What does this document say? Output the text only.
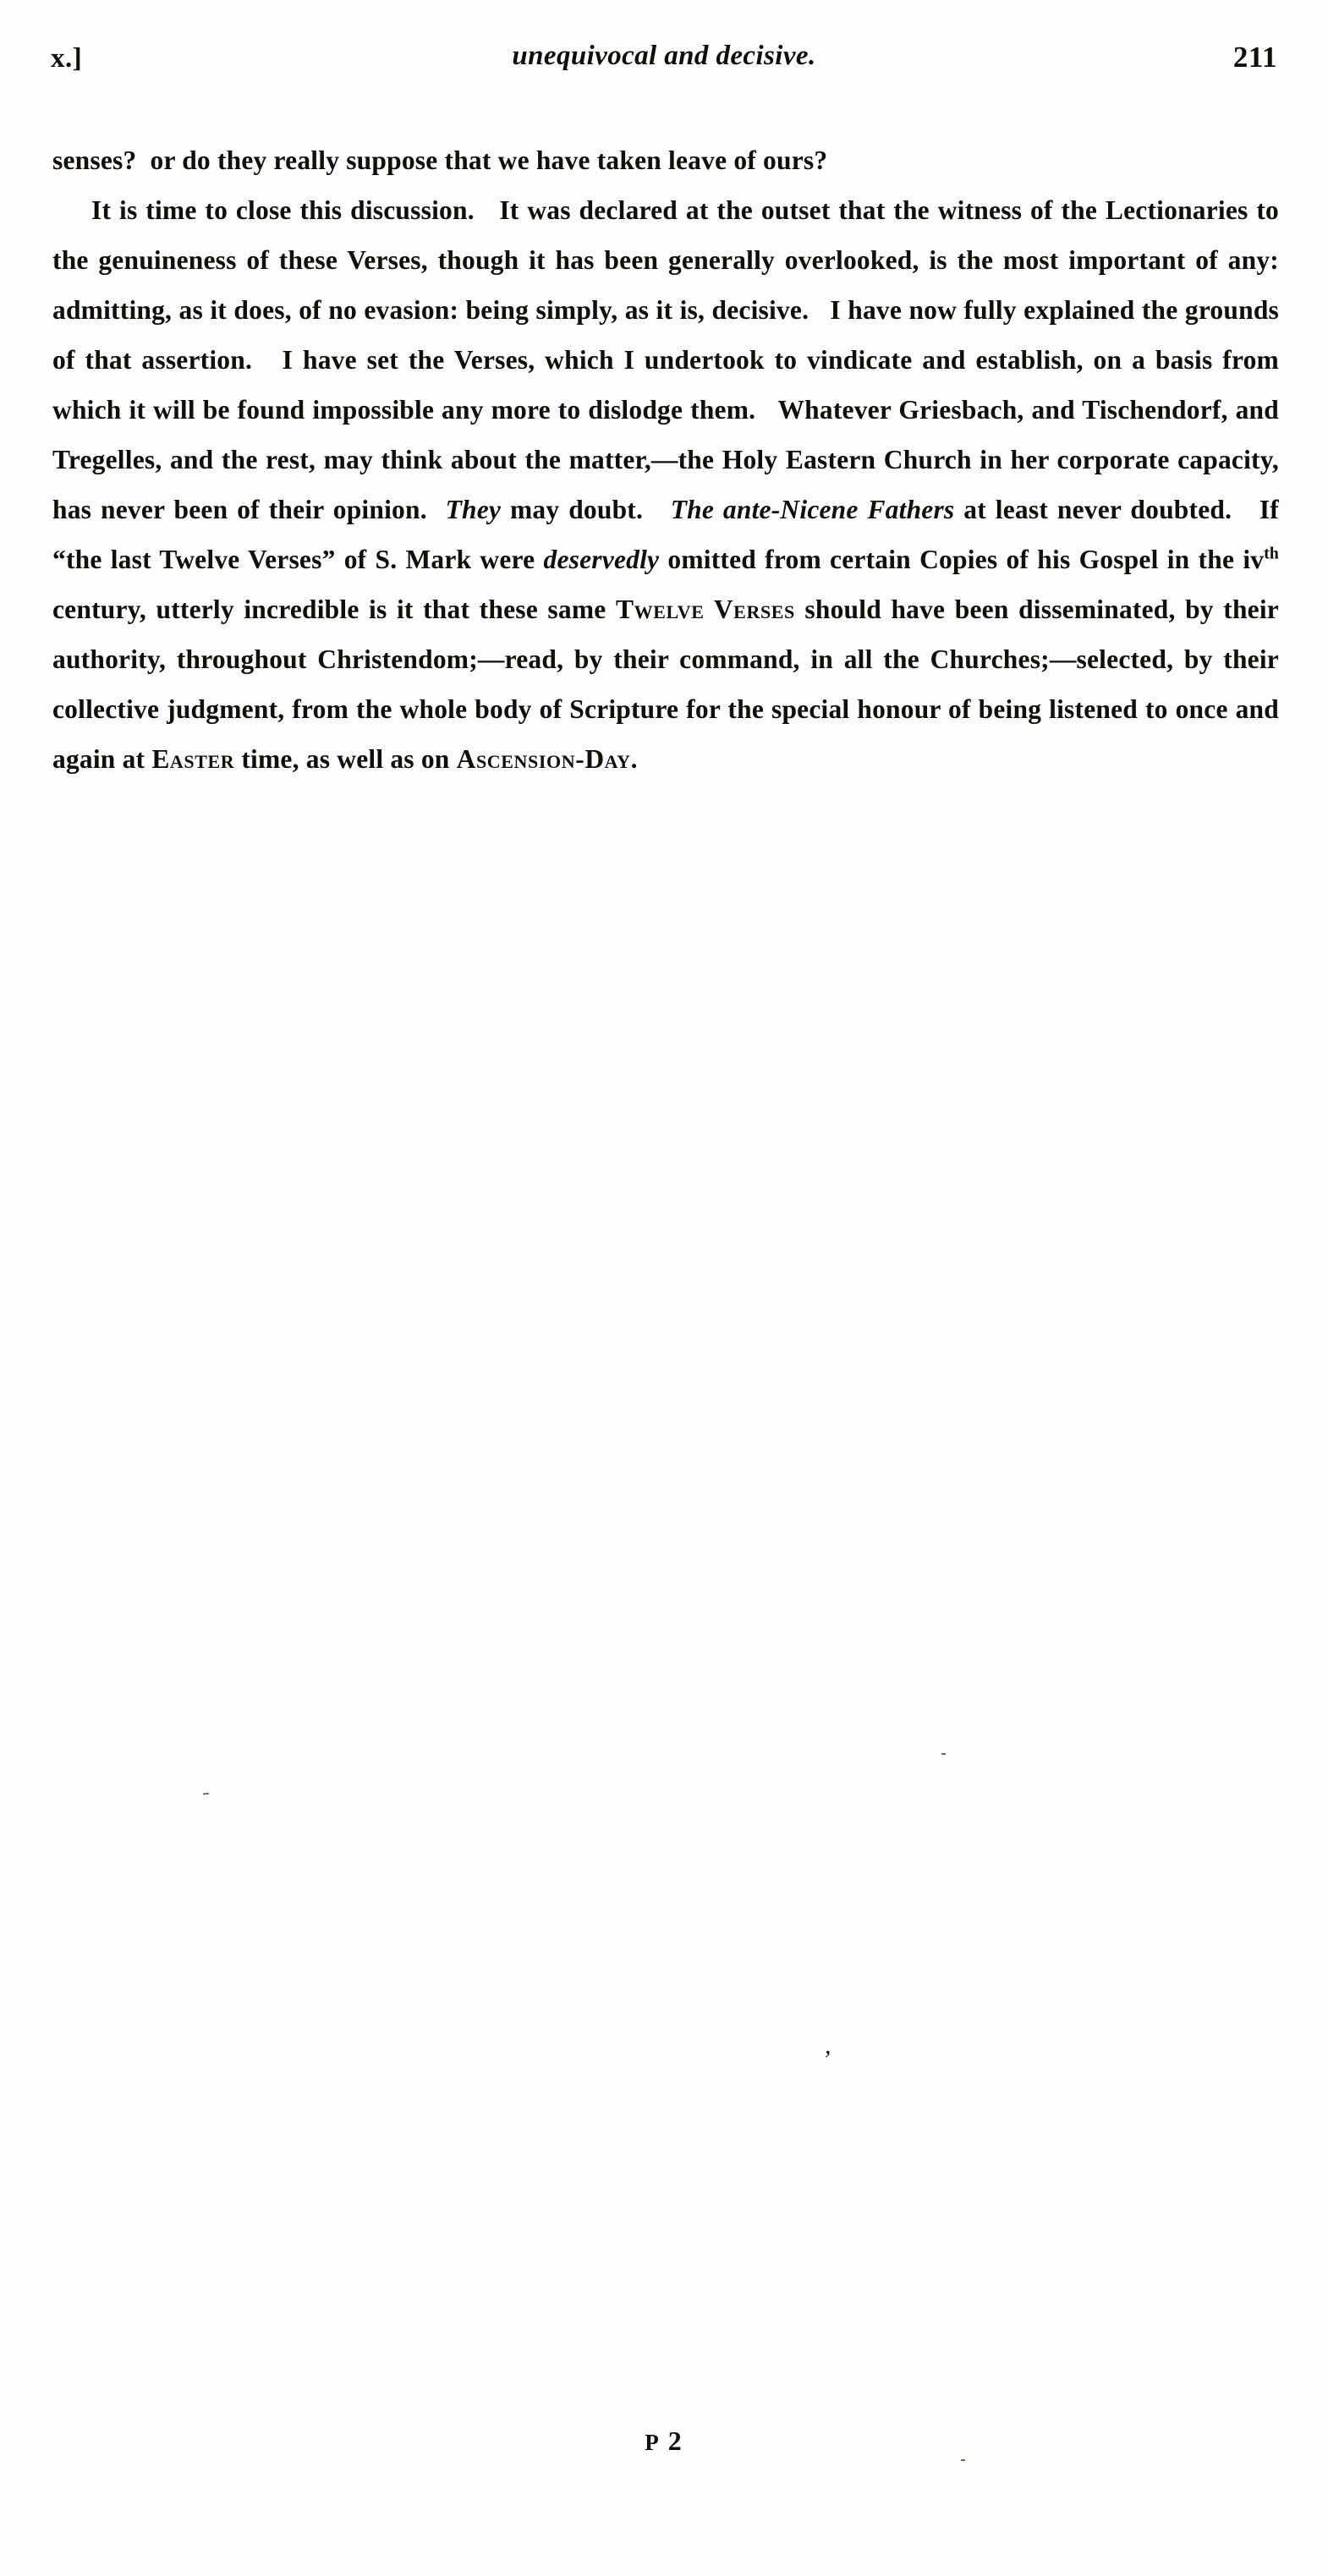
x.]	unequivocal and decisive.	211

senses?  or do they really suppose that we have taken leave of ours?

It is time to close this discussion.   It was declared at the outset that the witness of the Lectionaries to the genuineness of these Verses, though it has been generally overlooked, is the most important of any: admitting, as it does, of no evasion: being simply, as it is, decisive.   I have now fully explained the grounds of that assertion.   I have set the Verses, which I undertook to vindicate and establish, on a basis from which it will be found impossible any more to dislodge them.   Whatever Griesbach, and Tischendorf, and Tregelles, and the rest, may think about the matter,—the Holy Eastern Church in her corporate capacity, has never been of their opinion.  They may doubt.   The ante-Nicene Fathers at least never doubted.   If “the last Twelve Verses” of S. Mark were deservedly omitted from certain Copies of his Gospel in the $iv^{th}$ century, utterly incredible is it that these same Twelve Verses should have been disseminated, by their authority, throughout Christendom;—read, by their command, in all the Churches;—selected, by their collective judgment, from the whole body of Scripture for the special honour of being listened to once and again at Easter time, as well as on Ascension-Day.

,
P 2
